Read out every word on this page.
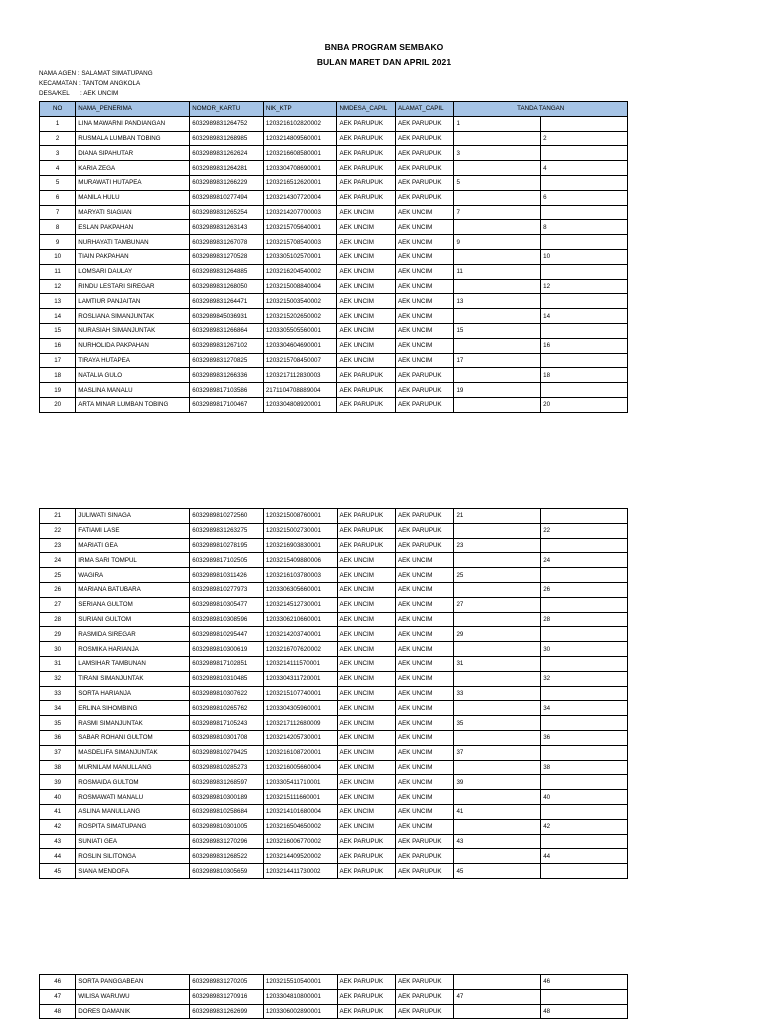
BNBA PROGRAM SEMBAKO
BULAN MARET DAN APRIL 2021
NAMA AGEN : SALAMAT SIMATUPANG
KECAMATAN : TANTOM ANGKOLA
DESA/KEL      : AEK UNCIM
NO	NAMA_PENERIMA	NOMOR_KARTU	NIK_KTP	NMDESA_CAPIL	ALAMAT_CAPIL	TANDA TANGAN	
1	LINA MAWARNI PANDIANGAN	6032989831264752	1203216102820002	AEK PARUPUK	AEK PARUPUK	1	
2	RUSMALA LUMBAN TOBING	6032989831268985	1203214809560001	AEK PARUPUK	AEK PARUPUK		2
3	DIANA SIPAHUTAR	6032989831262624	1203216608580001	AEK PARUPUK	AEK PARUPUK	3	
4	KARIA ZEGA	6032989831264281	1203304708690001	AEK PARUPUK	AEK PARUPUK		4
5	MURAWATI HUTAPEA	6032989831266229	1203216512620001	AEK PARUPUK	AEK PARUPUK	5	
6	MANILA HULU	6032989810277494	1203214307720004	AEK PARUPUK	AEK PARUPUK		6
7	MARYATI SIAGIAN	6032989831265254	1203214207700003	AEK UNCIM	AEK UNCIM	7	
8	ESLAN PAKPAHAN	6032989831263143	1203215705640001	AEK UNCIM	AEK UNCIM		8
9	NURHAYATI TAMBUNAN	6032989831267078	1203215708540003	AEK UNCIM	AEK UNCIM	9	
10	TIAIN PAKPAHAN	6032989831270528	1203305102570001	AEK UNCIM	AEK UNCIM		10
11	LOMSARI DAULAY	6032989831264885	1203216204540002	AEK UNCIM	AEK UNCIM	11	
12	RINDU LESTARI SIREGAR	6032989831268050	1203215008840004	AEK UNCIM	AEK UNCIM		12
13	LAMTIUR PANJAITAN	6032989831264471	1203215003540002	AEK UNCIM	AEK UNCIM	13	
14	ROSLIANA SIMANJUNTAK	6032989845036931	1203215202650002	AEK UNCIM	AEK UNCIM		14
15	NURASIAH SIMANJUNTAK	6032989831266864	1203305505560001	AEK UNCIM	AEK UNCIM	15	
16	NURHOLIDA PAKPAHAN	6032989831267102	1203304604690001	AEK UNCIM	AEK UNCIM		16
17	TIRAYA HUTAPEA	6032989831270825	1203215708450007	AEK UNCIM	AEK UNCIM	17	
18	NATALIA GULO	6032989831266336	1203217112830003	AEK PARUPUK	AEK PARUPUK		18
19	MASLINA MANALU	6032989817103586	2171104708889004	AEK PARUPUK	AEK PARUPUK	19	
20	ARTA MINAR LUMBAN TOBING	6032989817100467	1203304808920001	AEK PARUPUK	AEK PARUPUK		20
21	JULIWATI SINAGA	6032989810272560	1203215008760001	AEK PARUPUK	AEK PARUPUK	21	
22	FATIAMI LASE	6032989831263275	1203215002730001	AEK PARUPUK	AEK PARUPUK		22
23	MARIATI GEA	6032989810278195	1203216903830001	AEK PARUPUK	AEK PARUPUK	23	
24	IRMA SARI TOMPUL	6032989817102505	1203215409880006	AEK UNCIM	AEK UNCIM		24
25	WAGIRA	6032989810311426	1203216103780003	AEK UNCIM	AEK UNCIM	25	
26	MARIANA BATUBARA	6032989810277973	1203306305660001	AEK UNCIM	AEK UNCIM		26
27	SERIANA GULTOM	6032989810305477	1203214512730001	AEK UNCIM	AEK UNCIM	27	
28	SURIANI GULTOM	6032989810308596	1203306210660001	AEK UNCIM	AEK UNCIM		28
29	RASMIDA SIREGAR	6032989810295447	1203214203740001	AEK UNCIM	AEK UNCIM	29	
30	ROSMIKA HARIANJA	6032989810300619	1203216707620002	AEK UNCIM	AEK UNCIM		30
31	LAMSIHAR TAMBUNAN	6032989817102851	1203214111570001	AEK UNCIM	AEK UNCIM	31	
32	TIRANI SIMANJUNTAK	6032989810310485	1203304311720001	AEK UNCIM	AEK UNCIM		32
33	SORTA HARIANJA	6032989810307622	1203215107740001	AEK UNCIM	AEK UNCIM	33	
34	ERLINA SIHOMBING	6032989810265762	1203304305960001	AEK UNCIM	AEK UNCIM		34
35	RASMI SIMANJUNTAK	6032989817105243	1203217112680009	AEK UNCIM	AEK UNCIM	35	
36	SABAR ROHANI GULTOM	6032989810301708	1203214205730001	AEK UNCIM	AEK UNCIM		36
37	MASDELIFA SIMANJUNTAK	6032989810279425	1203216108720001	AEK UNCIM	AEK UNCIM	37	
38	MURNILAM MANULLANG	6032989810285273	1203216005660004	AEK UNCIM	AEK UNCIM		38
39	ROSMAIDA GULTOM	6032989831268597	1203305411710001	AEK UNCIM	AEK UNCIM	39	
40	ROSMAWATI MANALU	6032989810300189	1203215111660001	AEK UNCIM	AEK UNCIM		40
41	ASLINA MANULLANG	6032989810258684	1203214101680004	AEK UNCIM	AEK UNCIM	41	
42	ROSPITA SIMATUPANG	6032989810301005	1203216504650002	AEK UNCIM	AEK UNCIM		42
43	SUNIATI GEA	6032989831270296	1203216006770002	AEK PARUPUK	AEK PARUPUK	43	
44	ROSLIN SILITONGA	6032989831268522	1203214409520002	AEK PARUPUK	AEK PARUPUK		44
45	SIANA MENDOFA	6032989810305659	1203214411730002	AEK PARUPUK	AEK PARUPUK	45	
46	SORTA PANGGABEAN	6032989831270205	1203215510540001	AEK PARUPUK	AEK PARUPUK		46
47	WILISA WARUWU	6032989831270916	1203304810800001	AEK PARUPUK	AEK PARUPUK	47	
48	DORES DAMANIK	6032989831262699	1203306002890001	AEK PARUPUK	AEK PARUPUK		48
